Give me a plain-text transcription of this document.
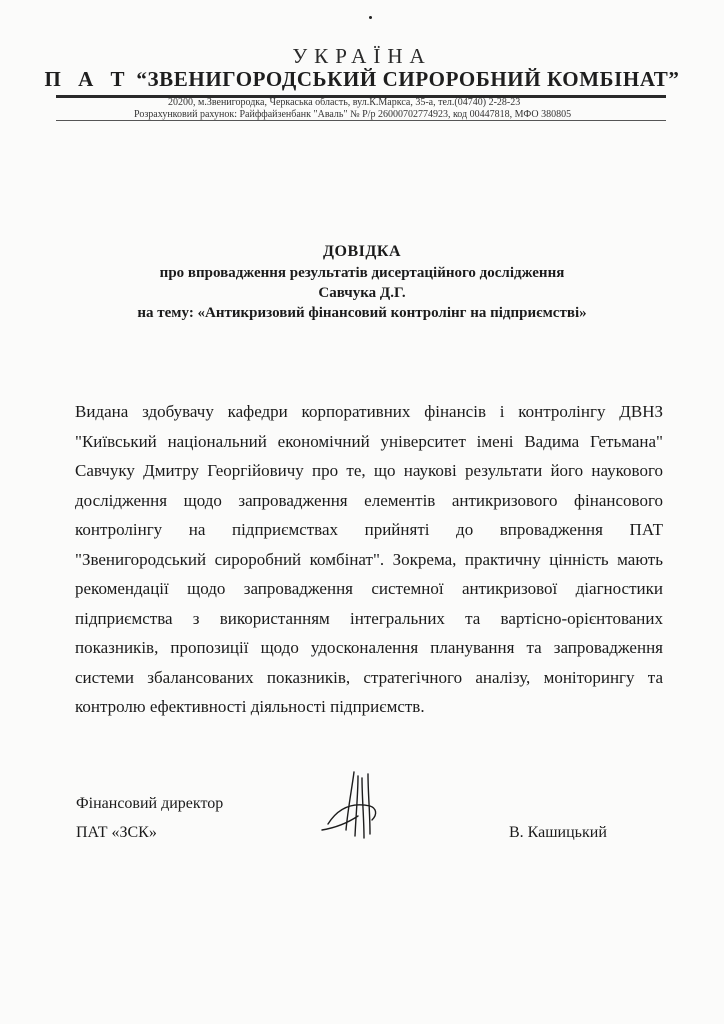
УКРАЇНА
П А Т “ЗВЕНИГОРОДСЬКИЙ СИРОРОБНИЙ КОМБІНАТ”
20200, м.Звенигородка, Черкаська область, вул.К.Маркса, 35-а, тел.(04740) 2-28-23
Розрахунковий рахунок: Райффайзенбанк "Аваль" № Р/р 26000702774923, код 00447818, МФО 380805
ДОВІДКА
про впровадження результатів дисертаційного дослідження
Савчука Д.Г.
на тему: «Антикризовий фінансовий контролінг на підприємстві»
Видана здобувачу кафедри корпоративних фінансів і контролінгу ДВНЗ "Київський національний економічний університет імені Вадима Гетьмана" Савчуку Дмитру Георгійовичу про те, що наукові результати його наукового дослідження щодо запровадження елементів антикризового фінансового контролінгу на підприємствах прийняті до впровадження ПАТ "Звенигородський сироробний комбінат". Зокрема, практичну цінність мають рекомендації щодо запровадження системної антикризової діагностики підприємства з використанням інтегральних та вартісно-орієнтованих показників, пропозиції щодо удосконалення планування та запровадження системи збалансованих показників, стратегічного аналізу, моніторингу та контролю ефективності діяльності підприємств.
Фінансовий директор
ПАТ «ЗСК»	В. Кашицький
